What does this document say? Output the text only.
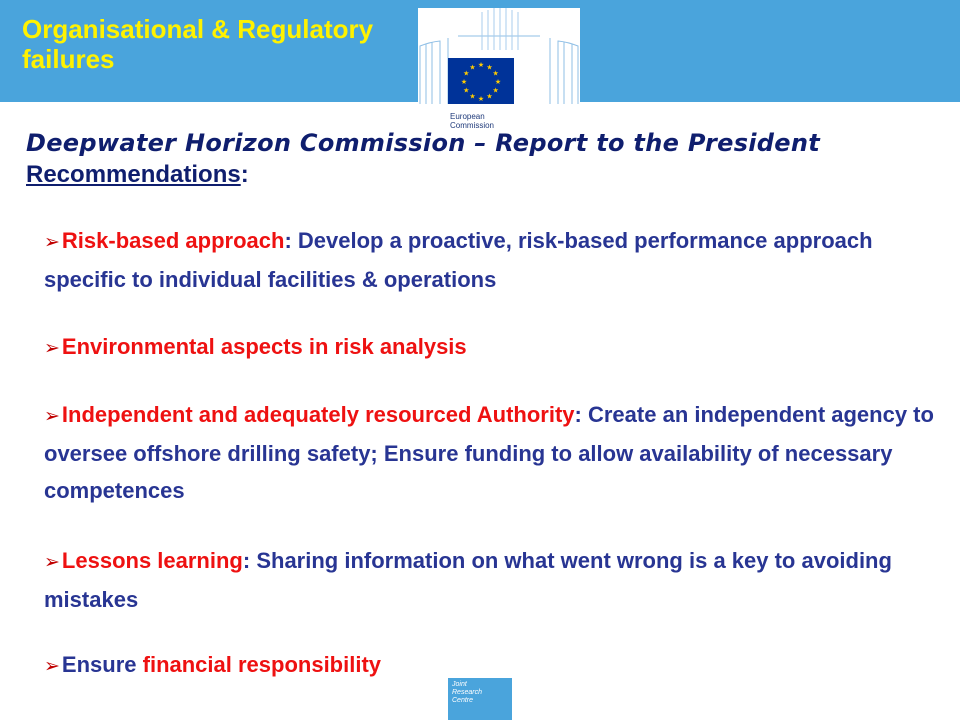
Organisational & Regulatory
failures	★ ★
★
★
★
★
★
★
★
★
★
★
European
Commission
Deepwater Horizon Commission – Report to the President
Recommendations:
➢Risk-based approach: Develop a proactive, risk-based performance approach specific to individual facilities & operations
➢Environmental aspects in risk analysis
➢Independent and adequately resourced Authority: Create an independent agency to oversee offshore drilling safety; Ensure funding to allow availability of necessary competences
➢Lessons learning: Sharing information on what went wrong is a key to avoiding mistakes
➢Ensure financial responsibility
Joint
Research
Centre
